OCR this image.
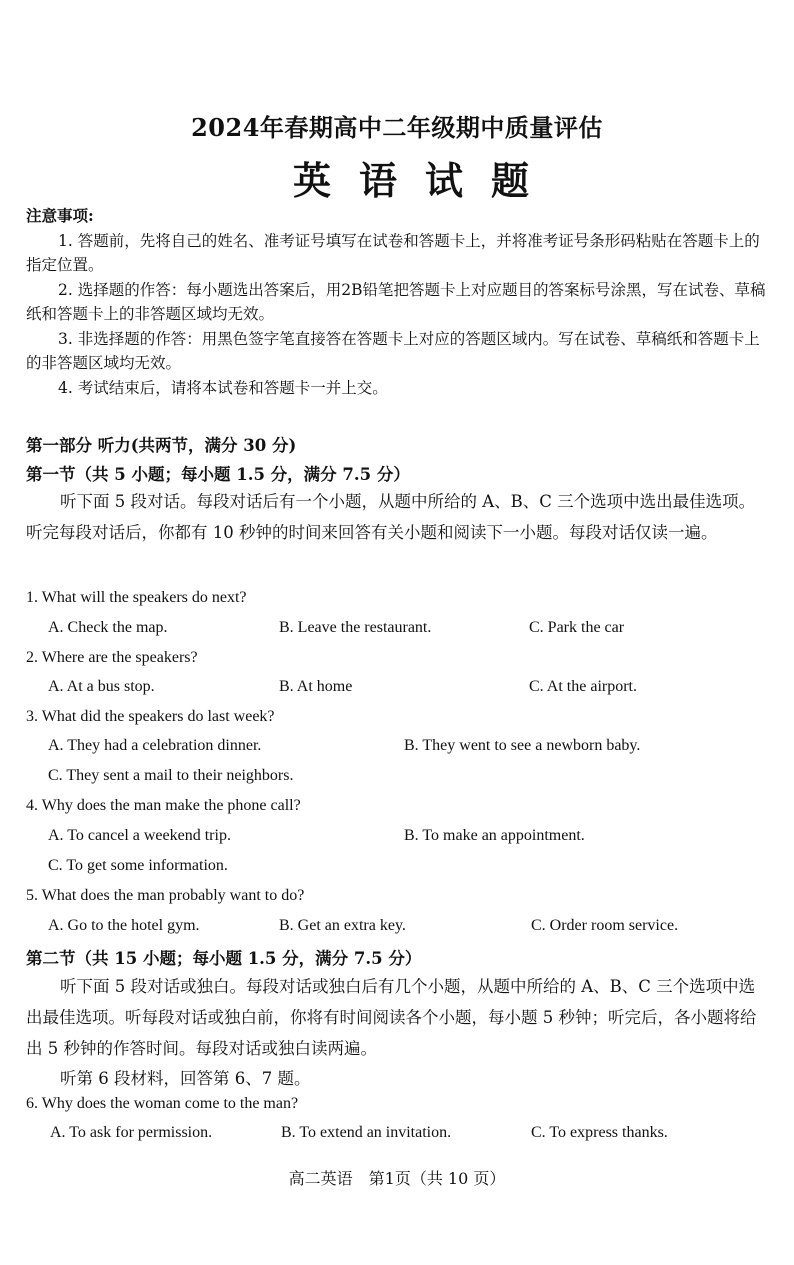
2024年春期高中二年级期中质量评估
英语试题
注意事项:

1. 答题前，先将自己的姓名、准考证号填写在试卷和答题卡上，并将准考证号条形码粘贴在答题卡上的指定位置。

2. 选择题的作答：每小题选出答案后，用2B铅笔把答题卡上对应题目的答案标号涂黑，写在试卷、草稿纸和答题卡上的非答题区域均无效。

3. 非选择题的作答：用黑色签字笔直接答在答题卡上对应的答题区域内。写在试卷、草稿纸和答题卡上的非答题区域均无效。

4. 考试结束后，请将本试卷和答题卡一并上交。

第一部分 听力(共两节，满分 30 分)
第一节（共 5 小题；每小题 1.5 分，满分 7.5 分）

听下面 5 段对话。每段对话后有一个小题，从题中所给的 A、B、C 三个选项中选出最佳选项。听完每段对话后，你都有 10 秒钟的时间来回答有关小题和阅读下一小题。每段对话仅读一遍。

1. What will the speakers do next?
A. Check the map.	B. Leave the restaurant.	C. Park the car
2. Where are the speakers?
A. At a bus stop.	B. At home	C. At the airport.
3. What did the speakers do last week?
A. They had a celebration dinner.	B. They went to see a newborn baby.
C. They sent a mail to their neighbors.
4. Why does the man make the phone call?
A. To cancel a weekend trip.	B. To make an appointment.
C. To get some information.
5. What does the man probably want to do?
A. Go to the hotel gym.	B. Get an extra key.	C. Order room service.
第二节（共 15 小题；每小题 1.5 分，满分 7.5 分）

听下面 5 段对话或独白。每段对话或独白后有几个小题，从题中所给的 A、B、C 三个选项中选出最佳选项。听每段对话或独白前，你将有时间阅读各个小题，每小题 5 秒钟；听完后，各小题将给出 5 秒钟的作答时间。每段对话或独白读两遍。

听第 6 段材料，回答第 6、7 题。

6. Why does the woman come to the man?
A. To ask for permission.	B. To extend an invitation.	C. To express thanks.
高二英语　第1页（共 10 页）
